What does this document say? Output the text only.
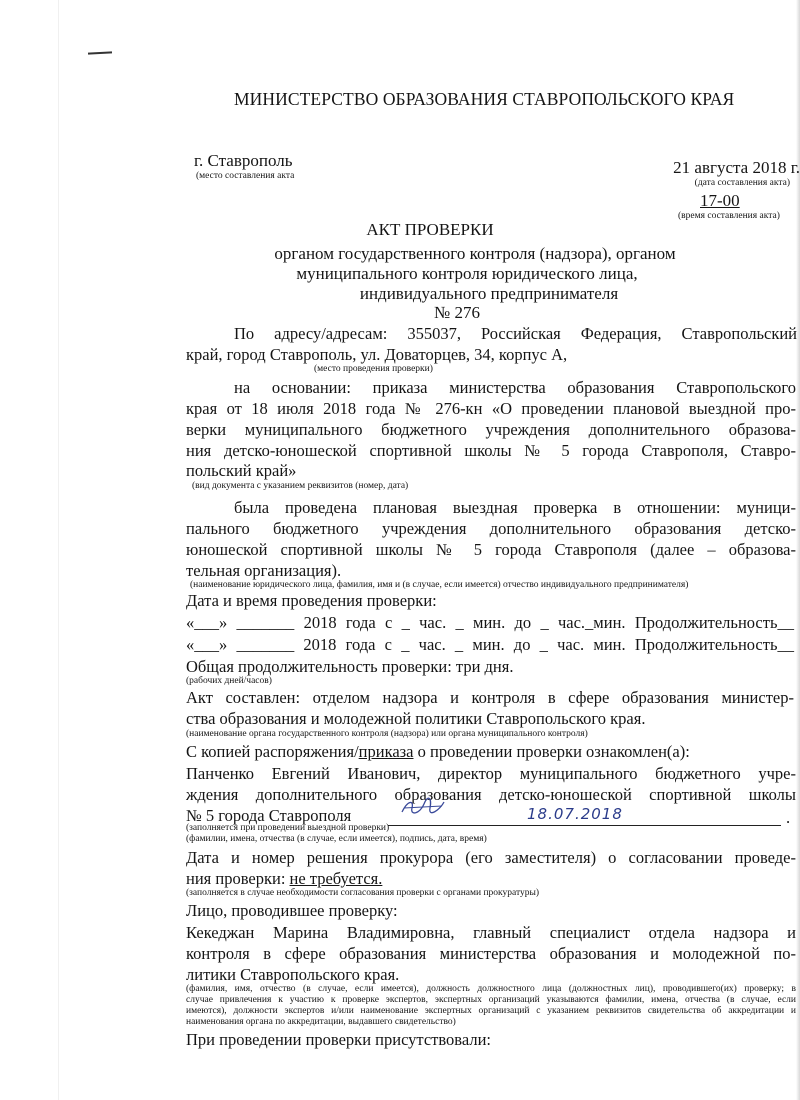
МИНИСТЕРСТВО ОБРАЗОВАНИЯ СТАВРОПОЛЬСКОГО КРАЯ
г. Ставрополь
(место составления акта	21 августа 2018 г.
(дата составления акта)
17-00
(время составления акта)
АКТ ПРОВЕРКИ
органом государственного контроля (надзора), органом
муниципального контроля юридического лица,
индивидуального предпринимателя
№ 276
По адресу/адресам: 355037, Российская Федерация, Ставропольский
край, город Ставрополь, ул. Доваторцев, 34, корпус А,
(место проведения проверки)
на основании: приказа министерства образования Ставропольского
края от 18 июля 2018 года № 276-кн «О проведении плановой выездной про-
верки муниципального бюджетного учреждения дополнительного образова-
ния детско-юношеской спортивной школы № 5 города Ставрополя, Ставро-
польский край»
(вид документа с указанием реквизитов (номер, дата)
была проведена плановая выездная проверка в отношении: муници-
пального бюджетного учреждения дополнительного образования детско-
юношеской спортивной школы № 5 города Ставрополя (далее – образова-
тельная организация).
(наименование юридического лица, фамилия, имя и (в случае, если имеется) отчество индивидуального предпринимателя)
Дата и время проведения проверки:
«___» _______ 2018 года с _ час. _ мин. до _ час._мин. Продолжительность__
«___» _______ 2018 года с _ час. _ мин. до _ час. мин. Продолжительность__
Общая продолжительность проверки: три дня.
(рабочих дней/часов)
Акт составлен: отделом надзора и контроля в сфере образования министер-
ства образования и молодежной политики Ставропольского края.
(наименование органа государственного контроля (надзора) или органа муниципального контроля)
С копией распоряжения/приказа о проведении проверки ознакомлен(а):
Панченко Евгений Иванович, директор муниципального бюджетного учре-
ждения дополнительного образования детско-юношеской спортивной школы
№ 5 города Ставрополя	18.07.2018	.
(заполняется при проведении выездной проверки)
(фамилии, имена, отчества (в случае, если имеется), подпись, дата, время)
Дата и номер решения прокурора (его заместителя) о согласовании проведе-
ния проверки: не требуется.
(заполняется в случае необходимости согласования проверки с органами прокуратуры)
Лицо, проводившее проверку:
Кекеджан Марина Владимировна, главный специалист отдела надзора и
контроля в сфере образования министерства образования и молодежной по-
литики Ставропольского края.
(фамилия, имя, отчество (в случае, если имеется), должность должностного лица (должностных лиц), проводившего(их) проверку; в
случае привлечения к участию к проверке экспертов, экспертных организаций указываются фамилии, имена, отчества (в случае, если
имеются), должности экспертов и/или наименование экспертных организаций с указанием реквизитов свидетельства об аккредитации и
наименования органа по аккредитации, выдавшего свидетельство)
При проведении проверки присутствовали:
